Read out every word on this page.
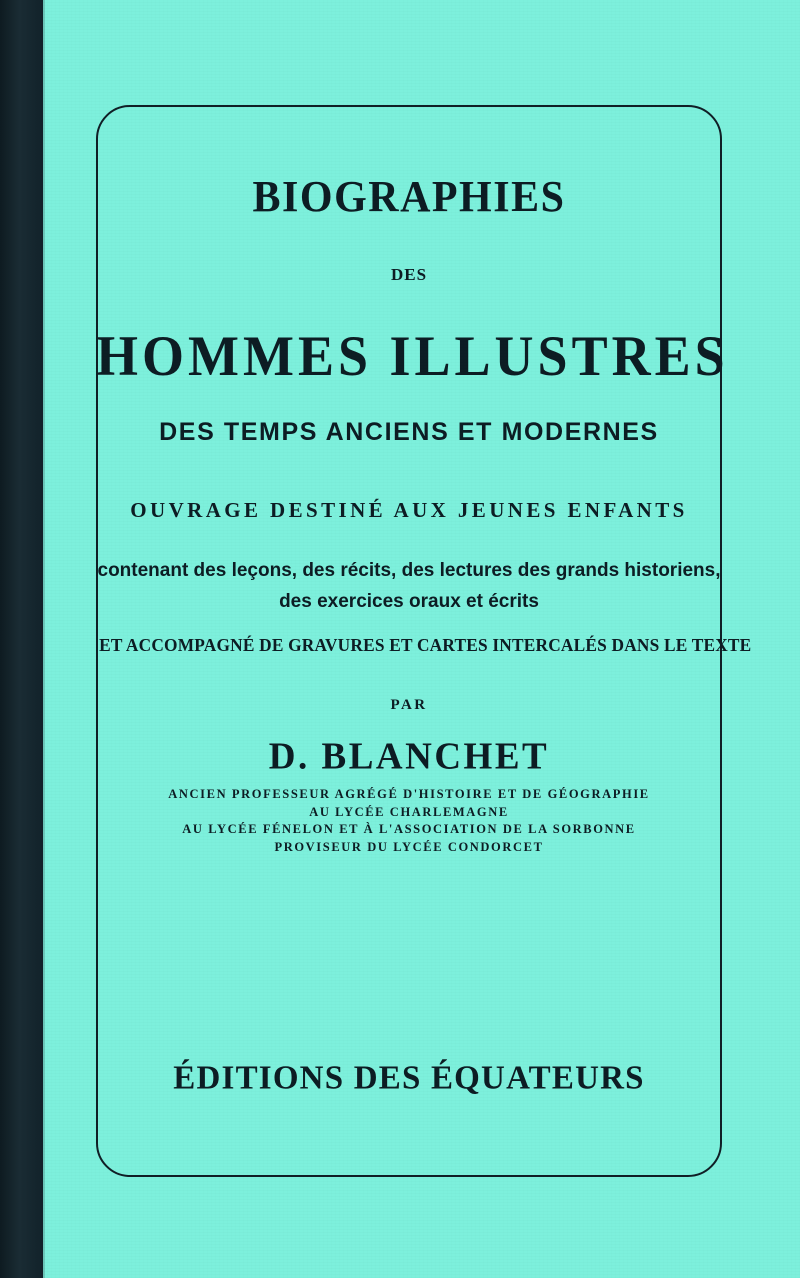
BIOGRAPHIES
DES
HOMMES ILLUSTRES
DES TEMPS ANCIENS ET MODERNES
OUVRAGE DESTINÉ AUX JEUNES ENFANTS
contenant des leçons, des récits, des lectures des grands historiens, des exercices oraux et écrits
ET ACCOMPAGNÉ DE GRAVURES ET CARTES INTERCALÉS DANS LE TEXTE
PAR
D. BLANCHET
ANCIEN PROFESSEUR AGRÉGÉ D'HISTOIRE ET DE GÉOGRAPHIE
AU LYCÉE CHARLEMAGNE
AU LYCÉE FÉNELON ET À L'ASSOCIATION DE LA SORBONNE
PROVISEUR DU LYCÉE CONDORCET
ÉDITIONS DES ÉQUATEURS
